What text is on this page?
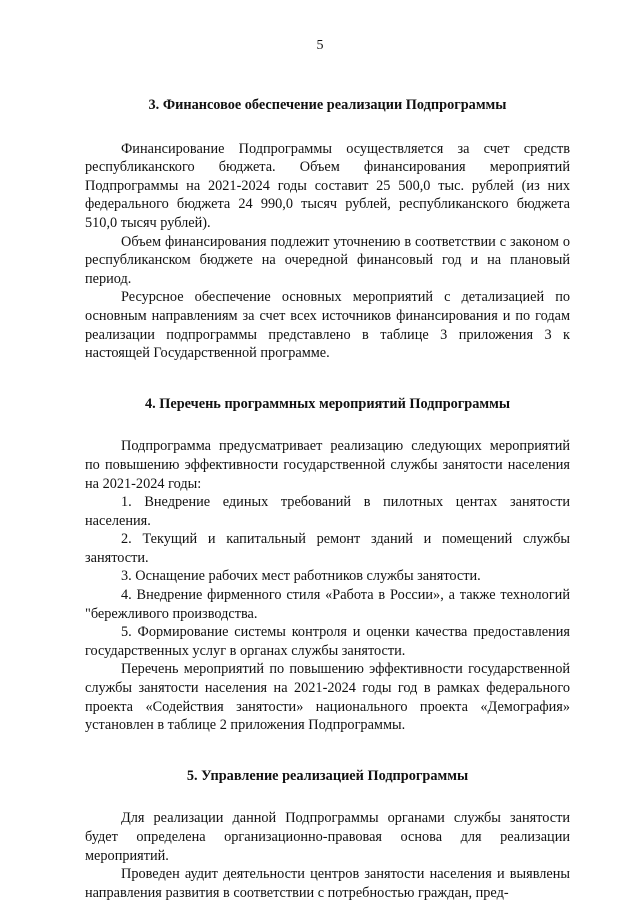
5
3. Финансовое обеспечение реализации Подпрограммы

Финансирование Подпрограммы осуществляется за счет средств республиканского бюджета. Объем финансирования мероприятий Подпрограммы на 2021-2024 годы составит 25 500,0 тыс. рублей (из них федерального бюджета 24 990,0 тысяч рублей, республиканского бюджета 510,0 тысяч рублей).

Объем финансирования подлежит уточнению в соответствии с законом о республиканском бюджете на очередной финансовый год и на плановый период.

Ресурсное обеспечение основных мероприятий с детализацией по основным направлениям за счет всех источников финансирования и по годам реализации подпрограммы представлено в таблице 3 приложения 3 к настоящей Государственной программе.

4. Перечень программных мероприятий Подпрограммы

Подпрограмма предусматривает реализацию следующих мероприятий по повышению эффективности государственной службы занятости населения на 2021-2024 годы:

1. Внедрение единых требований в пилотных центах занятости населения.

2. Текущий и капитальный ремонт зданий и помещений службы занятости.

3. Оснащение рабочих мест работников службы занятости.

4. Внедрение фирменного стиля «Работа в России», а также технологий "бережливого производства.

5. Формирование системы контроля и оценки качества предоставления государственных услуг в органах службы занятости.

Перечень мероприятий по повышению эффективности государственной службы занятости населения на 2021-2024 годы год в рамках федерального проекта «Содействия занятости» национального проекта «Демография» установлен в таблице 2 приложения Подпрограммы.

5. Управление реализацией Подпрограммы

Для реализации данной Подпрограммы органами службы занятости будет определена организационно-правовая основа для реализации мероприятий.

Проведен аудит деятельности центров занятости населения и выявлены направления развития в соответствии с потребностью граждан, пред-
